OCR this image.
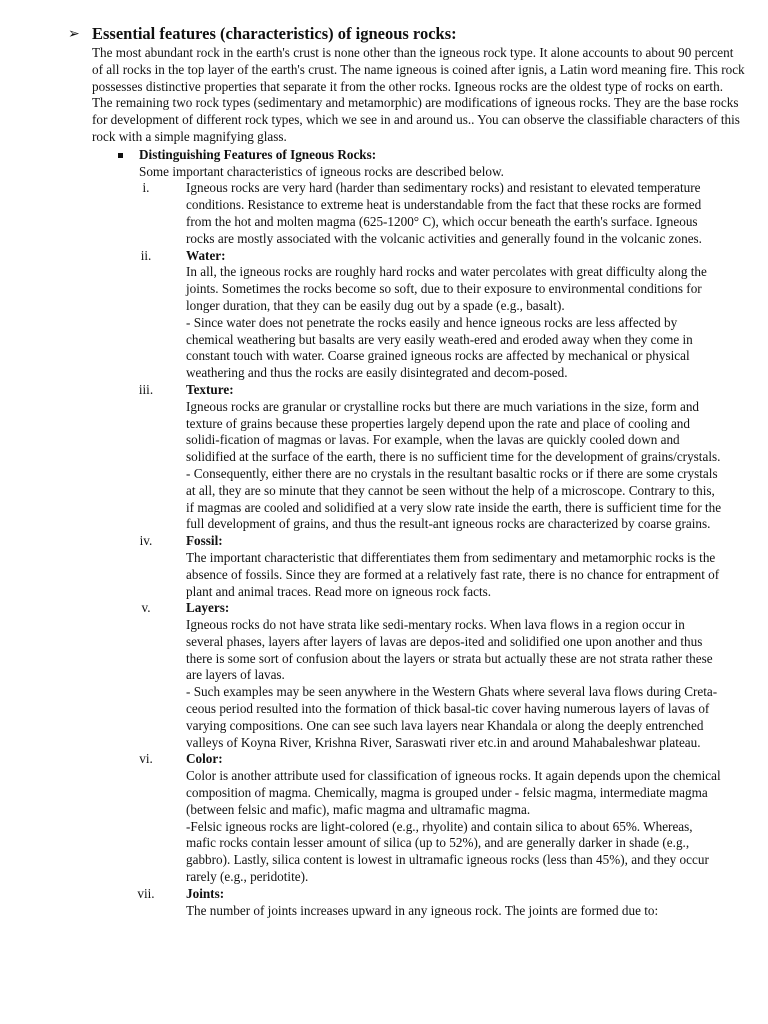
➢ Essential features (characteristics) of igneous rocks:
The most abundant rock in the earth's crust is none other than the igneous rock type. It alone accounts to about 90 percent of all rocks in the top layer of the earth's crust. The name igneous is coined after ignis, a Latin word meaning fire. This rock possesses distinctive properties that separate it from the other rocks. Igneous rocks are the oldest type of rocks on earth. The remaining two rock types (sedimentary and metamorphic) are modifications of igneous rocks. They are the base rocks for development of different rock types, which we see in and around us.. You can observe the classifiable characters of this rock with a simple magnifying glass.
Distinguishing Features of Igneous Rocks:
Some important characteristics of igneous rocks are described below.
i.	Igneous rocks are very hard (harder than sedimentary rocks) and resistant to elevated temperature conditions. Resistance to extreme heat is understandable from the fact that these rocks are formed from the hot and molten magma (625-1200° C), which occur beneath the earth's surface. Igneous rocks are mostly associated with the volcanic activities and generally found in the volcanic zones.

ii.	Water:

In all, the igneous rocks are roughly hard rocks and water percolates with great difficulty along the joints. Sometimes the rocks become so soft, due to their exposure to environmental conditions for longer duration, that they can be easily dug out by a spade (e.g., basalt).

- Since water does not penetrate the rocks easily and hence igneous rocks are less affected by chemical weathering but basalts are very easily weath-ered and eroded away when they come in constant touch with water. Coarse grained igneous rocks are affected by mechanical or physical weathering and thus the rocks are easily disintegrated and decom-posed.

iii.	Texture:

Igneous rocks are granular or crystalline rocks but there are much variations in the size, form and texture of grains because these properties largely depend upon the rate and place of cooling and solidi-fication of magmas or lavas. For example, when the lavas are quickly cooled down and solidified at the surface of the earth, there is no sufficient time for the development of grains/crystals.

- Consequently, either there are no crystals in the resultant basaltic rocks or if there are some crystals at all, they are so minute that they cannot be seen without the help of a microscope. Contrary to this, if magmas are cooled and solidified at a very slow rate inside the earth, there is sufficient time for the full development of grains, and thus the result-ant igneous rocks are characterized by coarse grains.

iv.	Fossil:

The important characteristic that differentiates them from sedimentary and metamorphic rocks is the absence of fossils. Since they are formed at a relatively fast rate, there is no chance for entrapment of plant and animal traces. Read more on igneous rock facts.

v.	Layers:

Igneous rocks do not have strata like sedi-mentary rocks. When lava flows in a region occur in several phases, layers after layers of lavas are depos-ited and solidified one upon another and thus there is some sort of confusion about the layers or strata but actually these are not strata rather these are layers of lavas.

- Such examples may be seen anywhere in the Western Ghats where several lava flows during Creta-ceous period resulted into the formation of thick basal-tic cover having numerous layers of lavas of varying compositions. One can see such lava layers near Khandala or along the deeply entrenched valleys of Koyna River, Krishna River, Saraswati river etc.in and around Mahabaleshwar plateau.

vi.	Color:

Color is another attribute used for classification of igneous rocks. It again depends upon the chemical composition of magma. Chemically, magma is grouped under - felsic magma, intermediate magma (between felsic and mafic), mafic magma and ultramafic magma.

-Felsic igneous rocks are light-colored (e.g., rhyolite) and contain silica to about 65%. Whereas, mafic rocks contain lesser amount of silica (up to 52%), and are generally darker in shade (e.g., gabbro). Lastly, silica content is lowest in ultramafic igneous rocks (less than 45%), and they occur rarely (e.g., peridotite).

vii.	Joints:

The number of joints increases upward in any igneous rock. The joints are formed due to:
